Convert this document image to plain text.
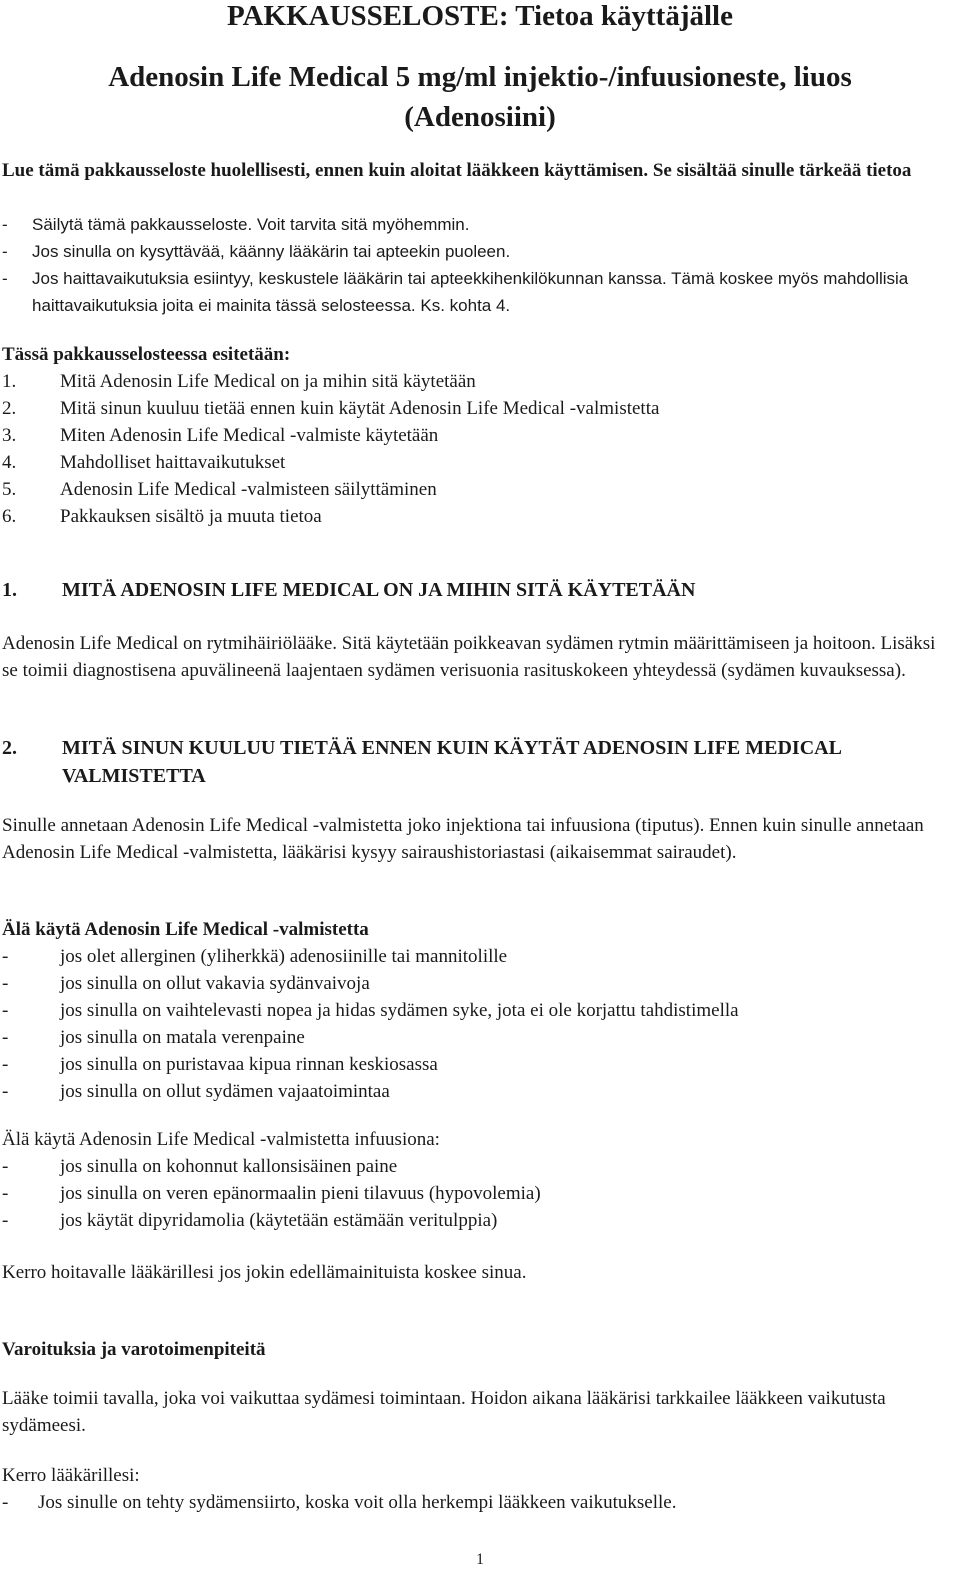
PAKKAUSSELOSTE: Tietoa käyttäjälle
Adenosin Life Medical 5 mg/ml injektio-/infuusioneste, liuos
(Adenosiini)

Lue tämä pakkausseloste huolellisesti, ennen kuin aloitat lääkkeen käyttämisen. Se sisältää sinulle tärkeää tietoa

- Säilytä tämä pakkausseloste. Voit tarvita sitä myöhemmin.
- Jos sinulla on kysyttävää, käänny lääkärin tai apteekin puoleen.
- Jos haittavaikutuksia esiintyy, keskustele lääkärin tai apteekkihenkilökunnan kanssa. Tämä koskee myös mahdollisia haittavaikutuksia joita ei mainita tässä selosteessa. Ks. kohta 4.

Tässä pakkausselosteessa esitetään:

1. Mitä Adenosin Life Medical on ja mihin sitä käytetään
2. Mitä sinun kuuluu tietää ennen kuin käytät Adenosin Life Medical -valmistetta
3. Miten Adenosin Life Medical -valmiste käytetään
4. Mahdolliset haittavaikutukset
5. Adenosin Life Medical -valmisteen säilyttäminen
6. Pakkauksen sisältö ja muuta tietoa
1. MITÄ ADENOSIN LIFE MEDICAL ON JA MIHIN SITÄ KÄYTETÄÄN

Adenosin Life Medical on rytmihäiriölääke. Sitä käytetään poikkeavan sydämen rytmin määrittämiseen ja hoitoon. Lisäksi se toimii diagnostisena apuvälineenä laajentaen sydämen verisuonia rasituskokeen yhteydessä (sydämen kuvauksessa).

2. MITÄ SINUN KUULUU TIETÄÄ ENNEN KUIN KÄYTÄT ADENOSIN LIFE MEDICAL VALMISTETTA

Sinulle annetaan Adenosin Life Medical -valmistetta joko injektiona tai infuusiona (tiputus). Ennen kuin sinulle annetaan Adenosin Life Medical -valmistetta, lääkärisi kysyy sairaushistoriastasi (aikaisemmat sairaudet).

Älä käytä Adenosin Life Medical -valmistetta

-	jos olet allerginen (yliherkkä) adenosiinille tai mannitolille
-	jos sinulla on ollut vakavia sydänvaivoja
-	jos sinulla on vaihtelevasti nopea ja hidas sydämen syke, jota ei ole korjattu tahdistimella
-	jos sinulla on matala verenpaine
-	jos sinulla on puristavaa kipua rinnan keskiosassa
-	jos sinulla on ollut sydämen vajaatoimintaa

Älä käytä Adenosin Life Medical -valmistetta infuusiona:

-	jos sinulla on kohonnut kallonsisäinen paine
-	jos sinulla on veren epänormaalin pieni tilavuus (hypovolemia)
-	jos käytät dipyridamolia (käytetään estämään veritulppia)

Kerro hoitavalle lääkärillesi jos jokin edellämainituista koskee sinua.

Varoituksia ja varotoimenpiteitä

Lääke toimii tavalla, joka voi vaikuttaa sydämesi toimintaan. Hoidon aikana lääkärisi tarkkailee lääkkeen vaikutusta sydämeesi.

Kerro lääkärillesi:

- Jos sinulle on tehty sydämensiirto, koska voit olla herkempi lääkkeen vaikutukselle.
1
